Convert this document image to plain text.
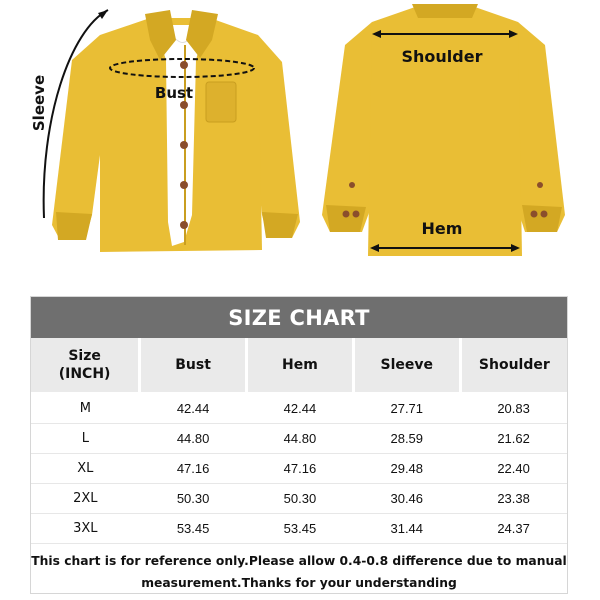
Sleeve	Bust
Shoulder
Hem
SIZE CHART
Size
(INCH)	Bust	Hem	Sleeve	Shoulder
M	42.44	42.44	27.71	20.83
L	44.80	44.80	28.59	21.62
XL	47.16	47.16	29.48	22.40
2XL	50.30	50.30	30.46	23.38
3XL	53.45	53.45	31.44	24.37
This chart is for reference only.Please allow 0.4-0.8 difference due to manual measurement.Thanks for your understanding
